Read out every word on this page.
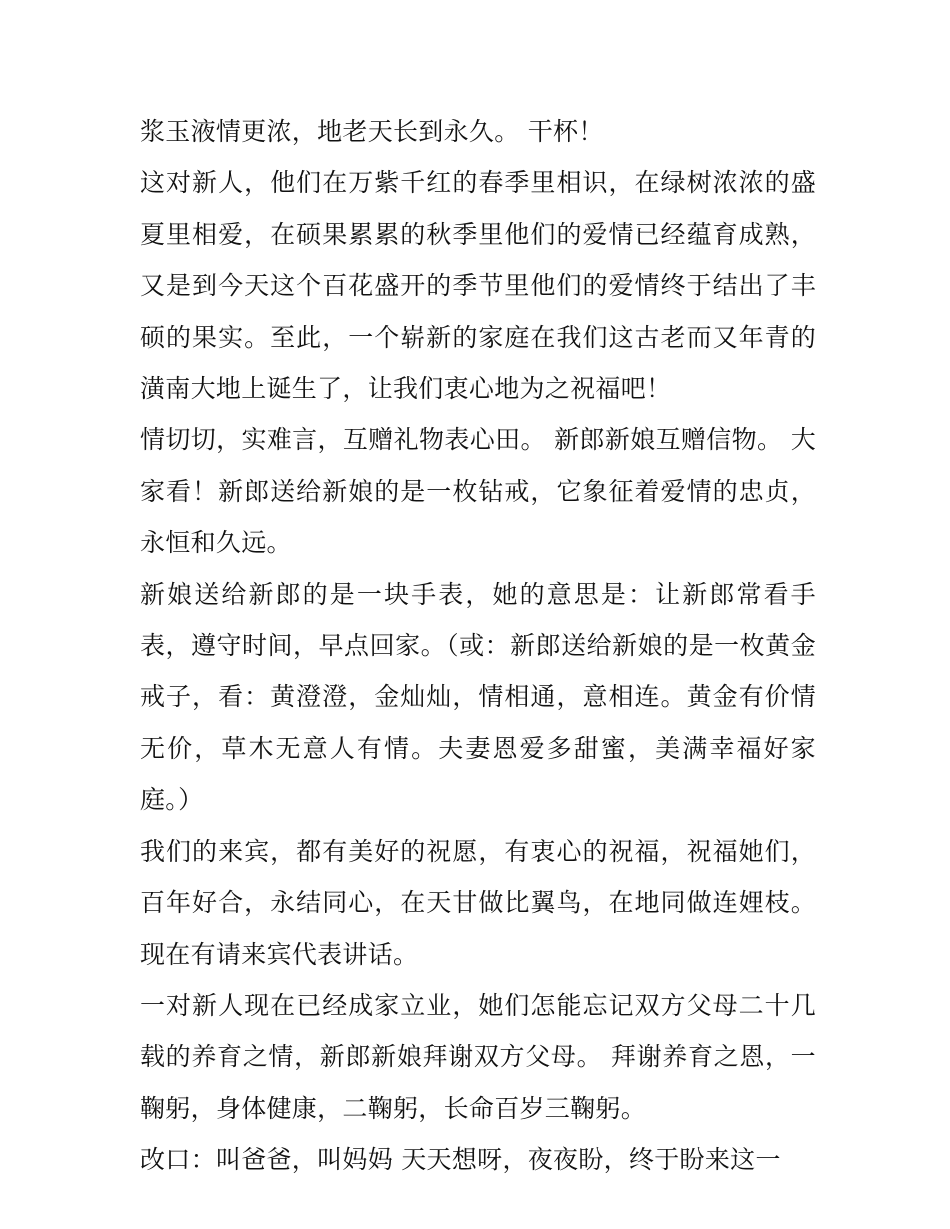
浆玉液情更浓，地老天长到永久。 干杯！

这对新人，他们在万紫千红的春季里相识，在绿树浓浓的盛夏里相爱，在硕果累累的秋季里他们的爱情已经蕴育成熟，又是到今天这个百花盛开的季节里他们的爱情终于结出了丰硕的果实。至此，一个崭新的家庭在我们这古老而又年青的潢南大地上诞生了，让我们衷心地为之祝福吧！

情切切，实难言，互赠礼物表心田。 新郎新娘互赠信物。 大家看！新郎送给新娘的是一枚钻戒，它象征着爱情的忠贞，永恒和久远。

新娘送给新郎的是一块手表，她的意思是：让新郎常看手表，遵守时间，早点回家。（或：新郎送给新娘的是一枚黄金戒子，看：黄澄澄，金灿灿，情相通，意相连。黄金有价情无价，草木无意人有情。夫妻恩爱多甜蜜，美满幸福好家庭。）

我们的来宾，都有美好的祝愿，有衷心的祝福，祝福她们，百年好合，永结同心，在天甘做比翼鸟，在地同做连娌枝。现在有请来宾代表讲话。

一对新人现在已经成家立业，她们怎能忘记双方父母二十几载的养育之情，新郎新娘拜谢双方父母。 拜谢养育之恩，一鞠躬，身体健康，二鞠躬，长命百岁三鞠躬。

改口：叫爸爸，叫妈妈 天天想呀，夜夜盼，终于盼来这一
